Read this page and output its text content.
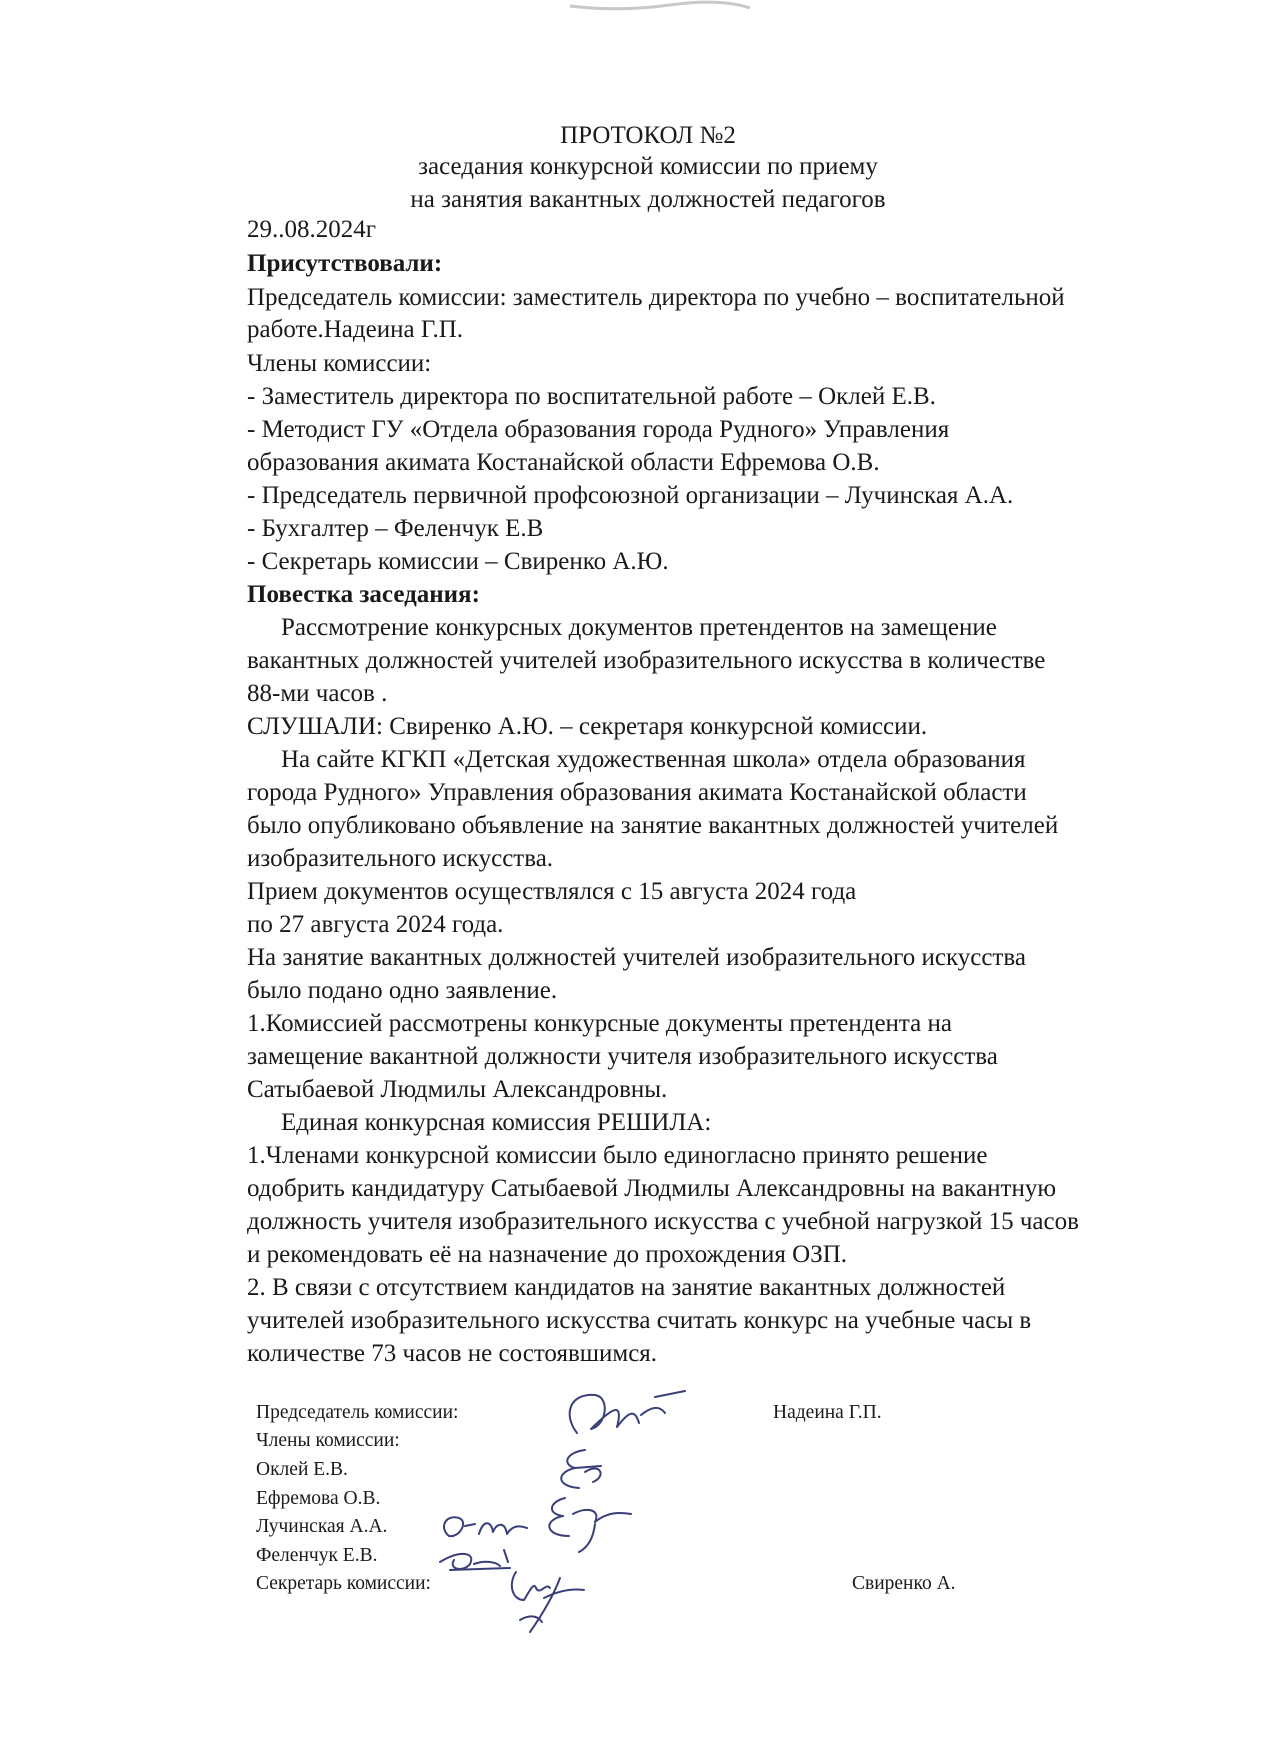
ПРОТОКОЛ №2
заседания конкурсной комиссии по приему
на занятия вакантных должностей педагогов
29..08.2024г
Присутствовали:
Председатель комиссии: заместитель директора по учебно – воспитательной
работе.Надеина Г.П.
Члены комиссии:
- Заместитель директора по воспитательной работе – Оклей Е.В.
- Методист ГУ «Отдела образования города Рудного» Управления
образования акимата Костанайской области Ефремова О.В.
- Председатель первичной профсоюзной организации – Лучинская А.А.
- Бухгалтер – Феленчук Е.В
- Секретарь комиссии – Свиренко А.Ю.
Повестка заседания:
Рассмотрение конкурсных документов претендентов на замещение
вакантных должностей учителей изобразительного искусства в количестве
88-ми часов .
СЛУШАЛИ: Свиренко А.Ю. – секретаря конкурсной комиссии.
На сайте КГКП «Детская художественная школа» отдела образования
города Рудного» Управления образования акимата Костанайской области
было опубликовано объявление на занятие вакантных должностей учителей
изобразительного искусства.
Прием документов осуществлялся с 15 августа 2024 года
по 27 августа 2024 года.
На занятие вакантных должностей учителей изобразительного искусства
было подано одно заявление.
1.Комиссией рассмотрены конкурсные документы претендента на
замещение вакантной должности учителя изобразительного искусства
Сатыбаевой Людмилы Александровны.
Единая конкурсная комиссия РЕШИЛА:
1.Членами конкурсной комиссии было единогласно принято решение
одобрить кандидатуру Сатыбаевой Людмилы Александровны на вакантную
должность учителя изобразительного искусства с учебной нагрузкой 15 часов
и рекомендовать её на назначение до прохождения ОЗП.
2. В связи с отсутствием кандидатов на занятие вакантных должностей
учителей изобразительного искусства считать конкурс на учебные часы в
количестве 73 часов не состоявшимся.
Председатель комиссии:	Надеина Г.П.
Члены комиссии:
Оклей Е.В.
Ефремова О.В.
Лучинская А.А.
Феленчук Е.В.
Секретарь комиссии:	Свиренко А.
